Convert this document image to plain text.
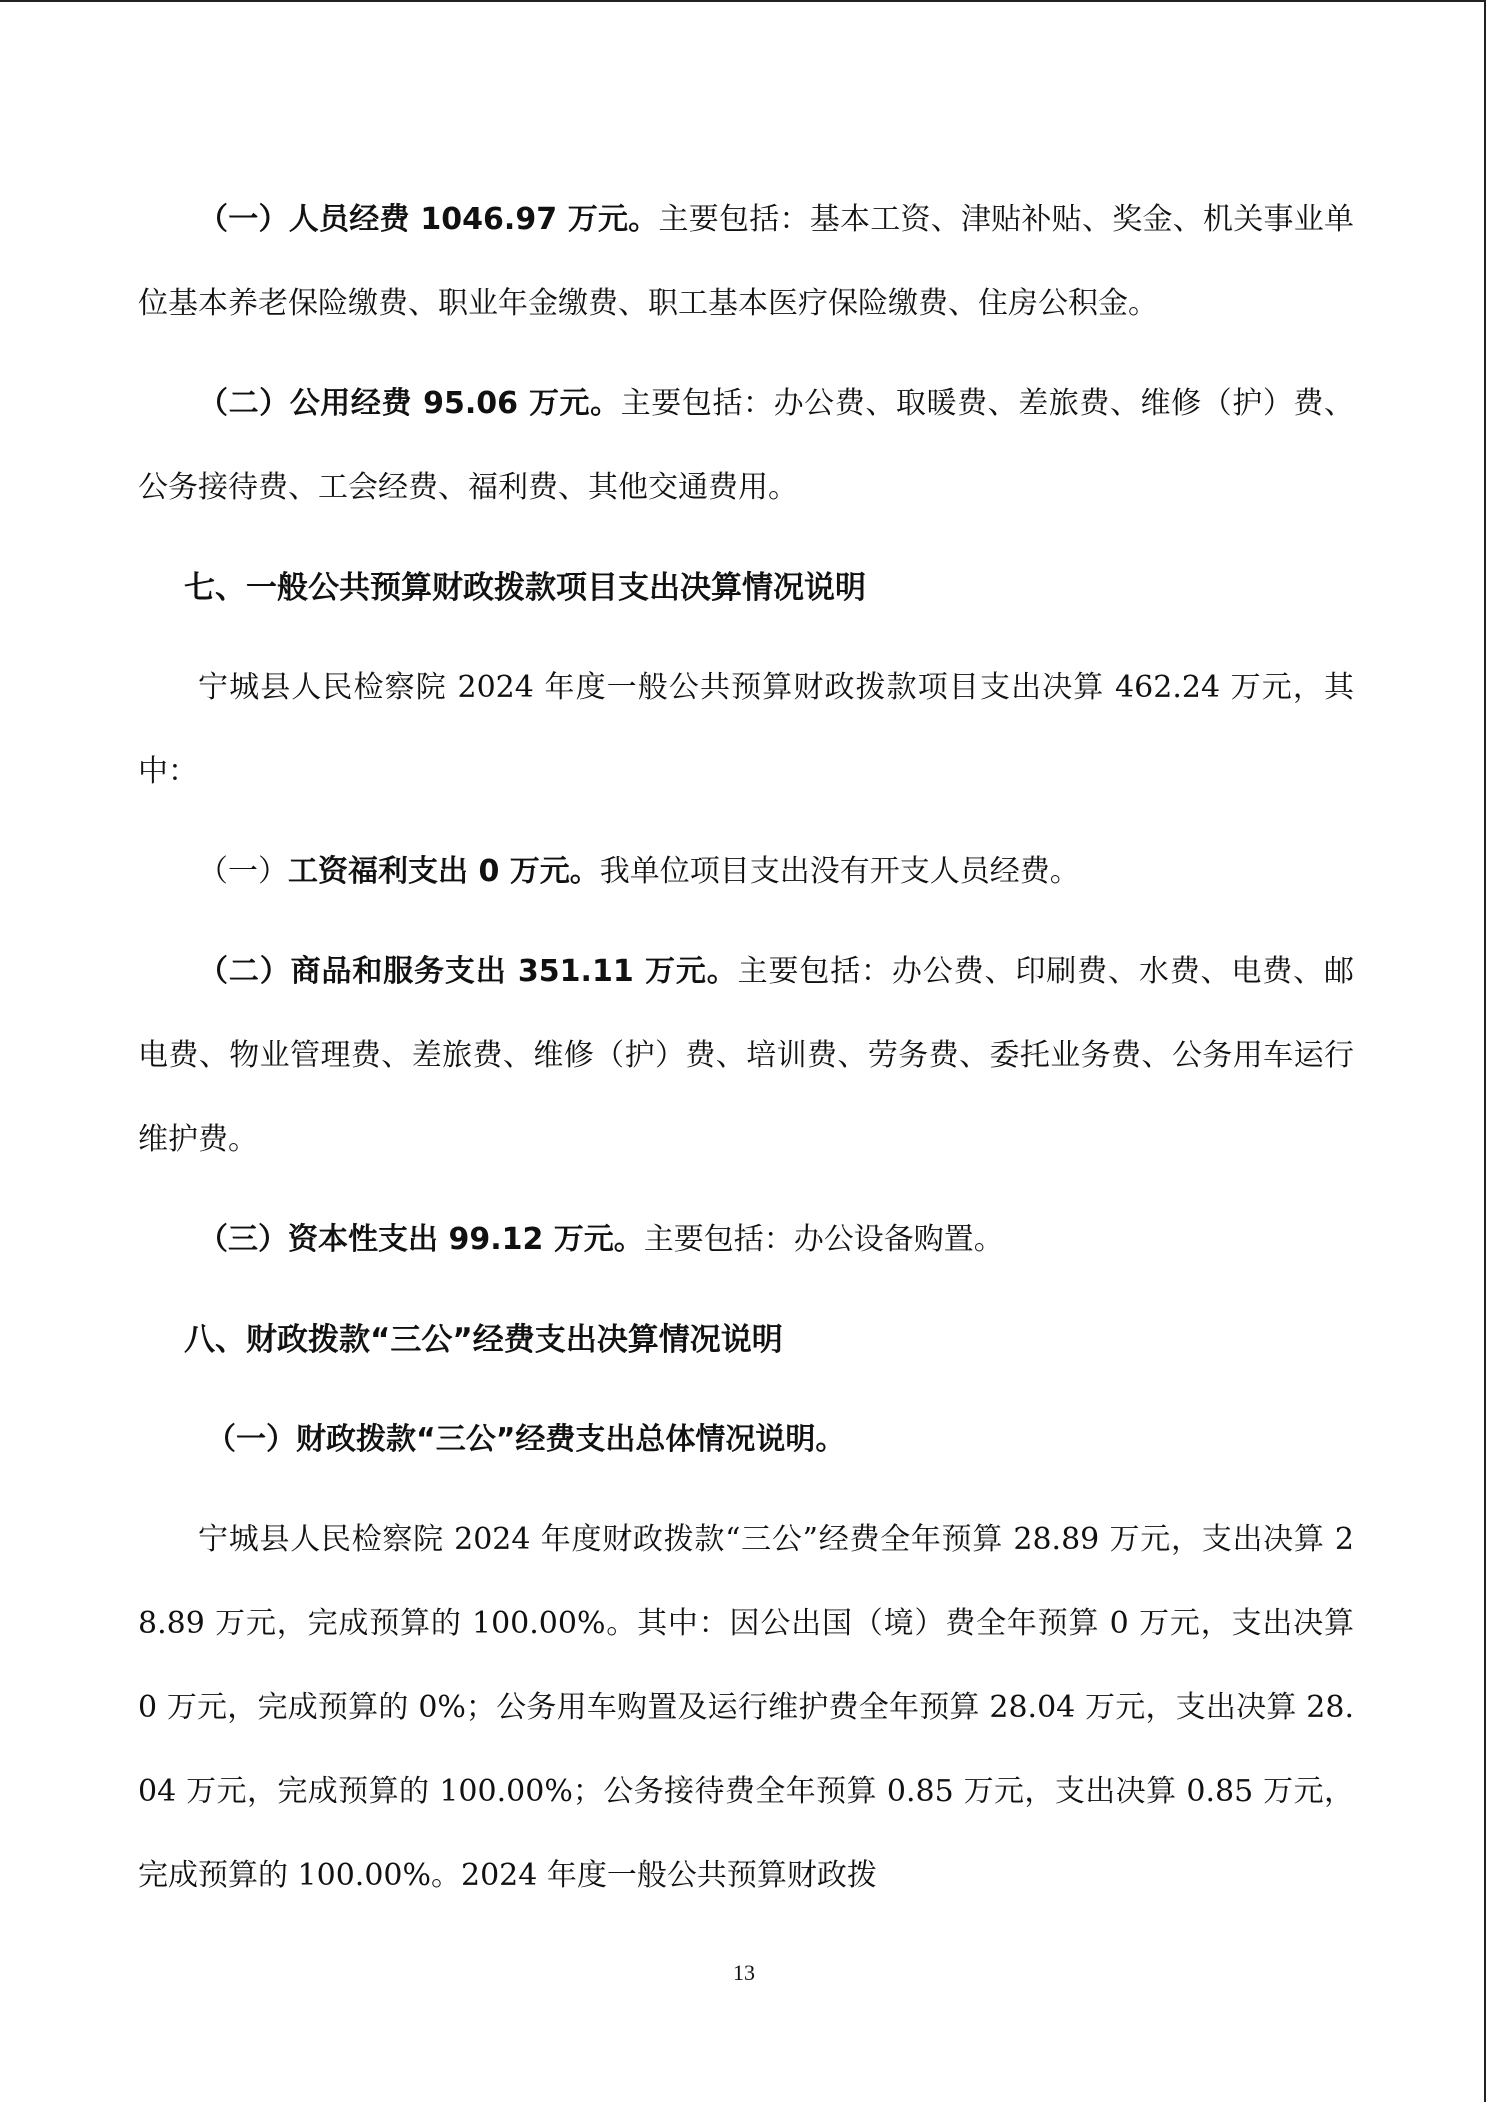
（一）人员经费 1046.97 万元。主要包括：基本工资、津贴补贴、奖金、机关事业单位基本养老保险缴费、职业年金缴费、职工基本医疗保险缴费、住房公积金。

（二）公用经费 95.06 万元。主要包括：办公费、取暖费、差旅费、维修（护）费、公务接待费、工会经费、福利费、其他交通费用。

七、一般公共预算财政拨款项目支出决算情况说明

宁城县人民检察院 2024 年度一般公共预算财政拨款项目支出决算 462.24 万元，其中：

（一）工资福利支出 0 万元。我单位项目支出没有开支人员经费。

（二）商品和服务支出 351.11 万元。主要包括：办公费、印刷费、水费、电费、邮电费、物业管理费、差旅费、维修（护）费、培训费、劳务费、委托业务费、公务用车运行维护费。

（三）资本性支出 99.12 万元。主要包括：办公设备购置。

八、财政拨款“三公”经费支出决算情况说明
（一）财政拨款“三公”经费支出总体情况说明。

宁城县人民检察院 2024 年度财政拨款“三公”经费全年预算 28.89 万元，支出决算 28.89 万元，完成预算的 100.00%。其中：因公出国（境）费全年预算 0 万元，支出决算 0 万元，完成预算的 0%；公务用车购置及运行维护费全年预算 28.04 万元，支出决算 28.04 万元，完成预算的 100.00%；公务接待费全年预算 0.85 万元，支出决算 0.85 万元，完成预算的 100.00%。2024 年度一般公共预算财政拨

13
